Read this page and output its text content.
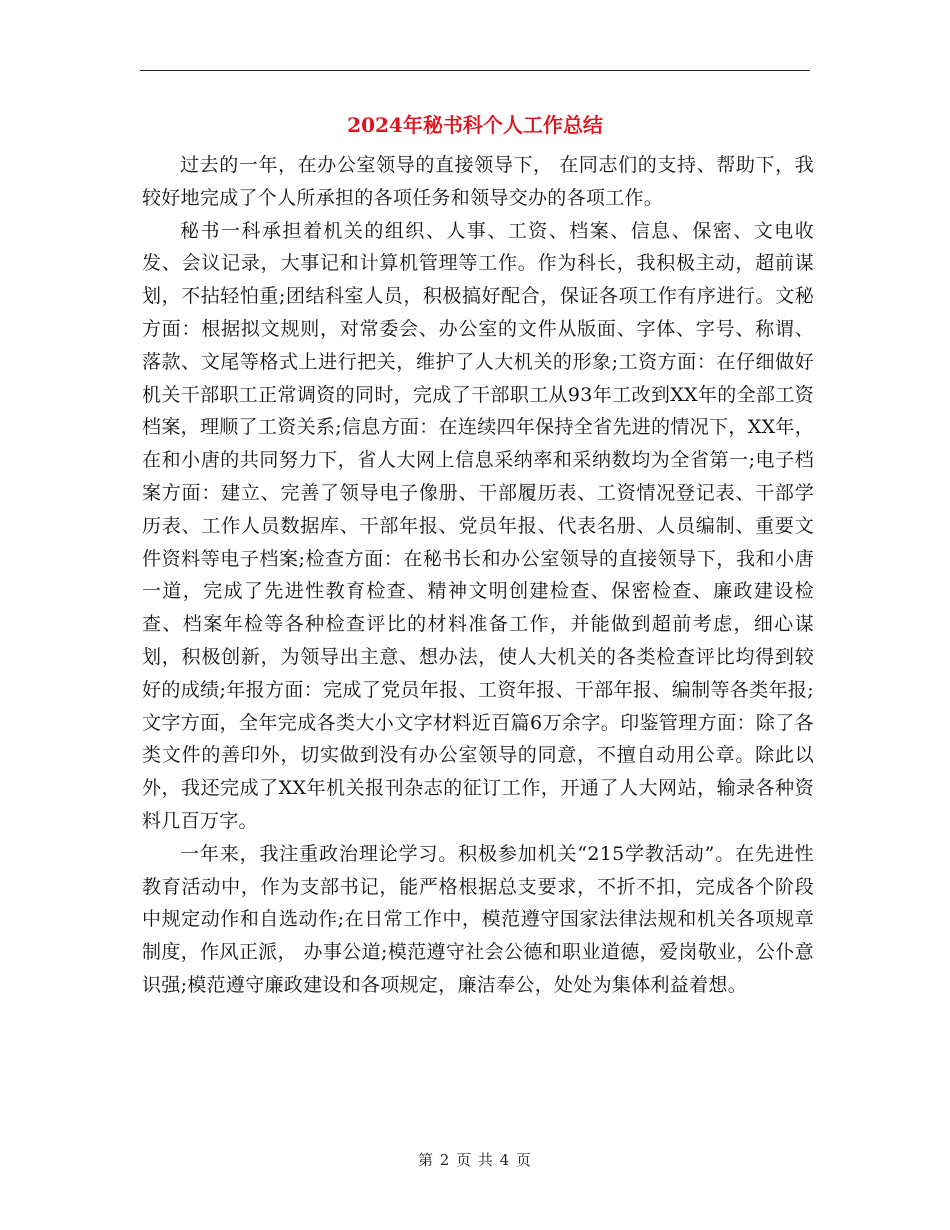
2024年秘书科个人工作总结

过去的一年，在办公室领导的直接领导下， 在同志们的支持、帮助下，我较好地完成了个人所承担的各项任务和领导交办的各项工作。

秘书一科承担着机关的组织、人事、工资、档案、信息、保密、文电收发、会议记录，大事记和计算机管理等工作。作为科长，我积极主动，超前谋划，不拈轻怕重;团结科室人员，积极搞好配合，保证各项工作有序进行。文秘方面：根据拟文规则，对常委会、办公室的文件从版面、字体、字号、称谓、落款、文尾等格式上进行把关，维护了人大机关的形象;工资方面：在仔细做好机关干部职工正常调资的同时，完成了干部职工从93年工改到XX年的全部工资档案，理顺了工资关系;信息方面：在连续四年保持全省先进的情况下，XX年，在和小唐的共同努力下，省人大网上信息采纳率和采纳数均为全省第一;电子档案方面：建立、完善了领导电子像册、干部履历表、工资情况登记表、干部学历表、工作人员数据库、干部年报、党员年报、代表名册、人员编制、重要文件资料等电子档案;检查方面：在秘书长和办公室领导的直接领导下，我和小唐一道，完成了先进性教育检查、精神文明创建检查、保密检查、廉政建设检查、档案年检等各种检查评比的材料准备工作，并能做到超前考虑，细心谋划，积极创新，为领导出主意、想办法，使人大机关的各类检查评比均得到较好的成绩;年报方面：完成了党员年报、工资年报、干部年报、编制等各类年报;文字方面，全年完成各类大小文字材料近百篇6万余字。印鉴管理方面：除了各类文件的善印外，切实做到没有办公室领导的同意，不擅自动用公章。除此以外，我还完成了XX年机关报刊杂志的征订工作，开通了人大网站，输录各种资料几百万字。

一年来，我注重政治理论学习。积极参加机关“215学教活动”。在先进性教育活动中，作为支部书记，能严格根据总支要求，不折不扣，完成各个阶段中规定动作和自选动作;在日常工作中，模范遵守国家法律法规和机关各项规章制度，作风正派， 办事公道;模范遵守社会公德和职业道德，爱岗敬业，公仆意识强;模范遵守廉政建设和各项规定，廉洁奉公，处处为集体利益着想。

第 2 页 共 4 页
